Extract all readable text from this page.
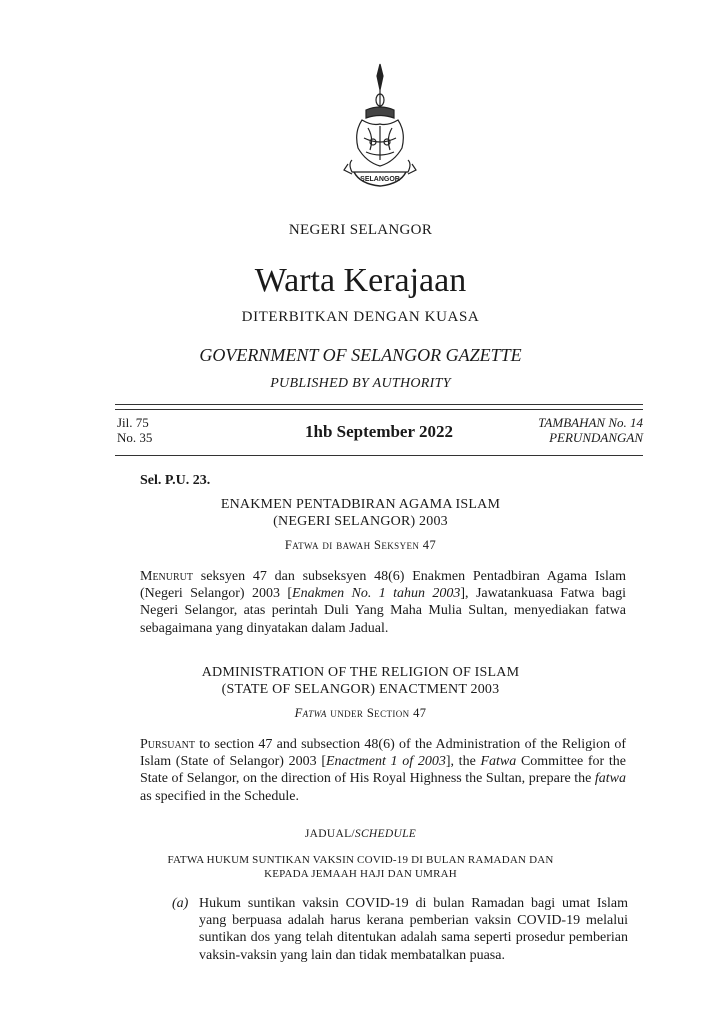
SELANGOR
NEGERI SELANGOR
Warta Kerajaan
DITERBITKAN DENGAN KUASA
GOVERNMENT OF SELANGOR GAZETTE
PUBLISHED BY AUTHORITY
Jil. 75
No. 35	1hb September 2022	TAMBAHAN No. 14
PERUNDANGAN
Sel. P.U. 23.
ENAKMEN PENTADBIRAN AGAMA ISLAM
(NEGERI SELANGOR) 2003
Fatwa di bawah Seksyen 47
Menurut seksyen 47 dan subseksyen 48(6) Enakmen Pentadbiran Agama Islam (Negeri Selangor) 2003 [Enakmen No. 1 tahun 2003], Jawatankuasa Fatwa bagi Negeri Selangor, atas perintah Duli Yang Maha Mulia Sultan, menyediakan fatwa sebagaimana yang dinyatakan dalam Jadual.
ADMINISTRATION OF THE RELIGION OF ISLAM
(STATE OF SELANGOR) ENACTMENT 2003
Fatwa under Section 47
Pursuant to section 47 and subsection 48(6) of the Administration of the Religion of Islam (State of Selangor) 2003 [Enactment 1 of 2003], the Fatwa Committee for the State of Selangor, on the direction of His Royal Highness the Sultan, prepare the fatwa as specified in the Schedule.
JADUAL/SCHEDULE
FATWA HUKUM SUNTIKAN VAKSIN COVID-19 DI BULAN RAMADAN DAN
KEPADA JEMAAH HAJI DAN UMRAH
(a) Hukum suntikan vaksin COVID-19 di bulan Ramadan bagi umat Islam yang berpuasa adalah harus kerana pemberian vaksin COVID-19 melalui suntikan dos yang telah ditentukan adalah sama seperti prosedur pemberian vaksin-vaksin yang lain dan tidak membatalkan puasa.
